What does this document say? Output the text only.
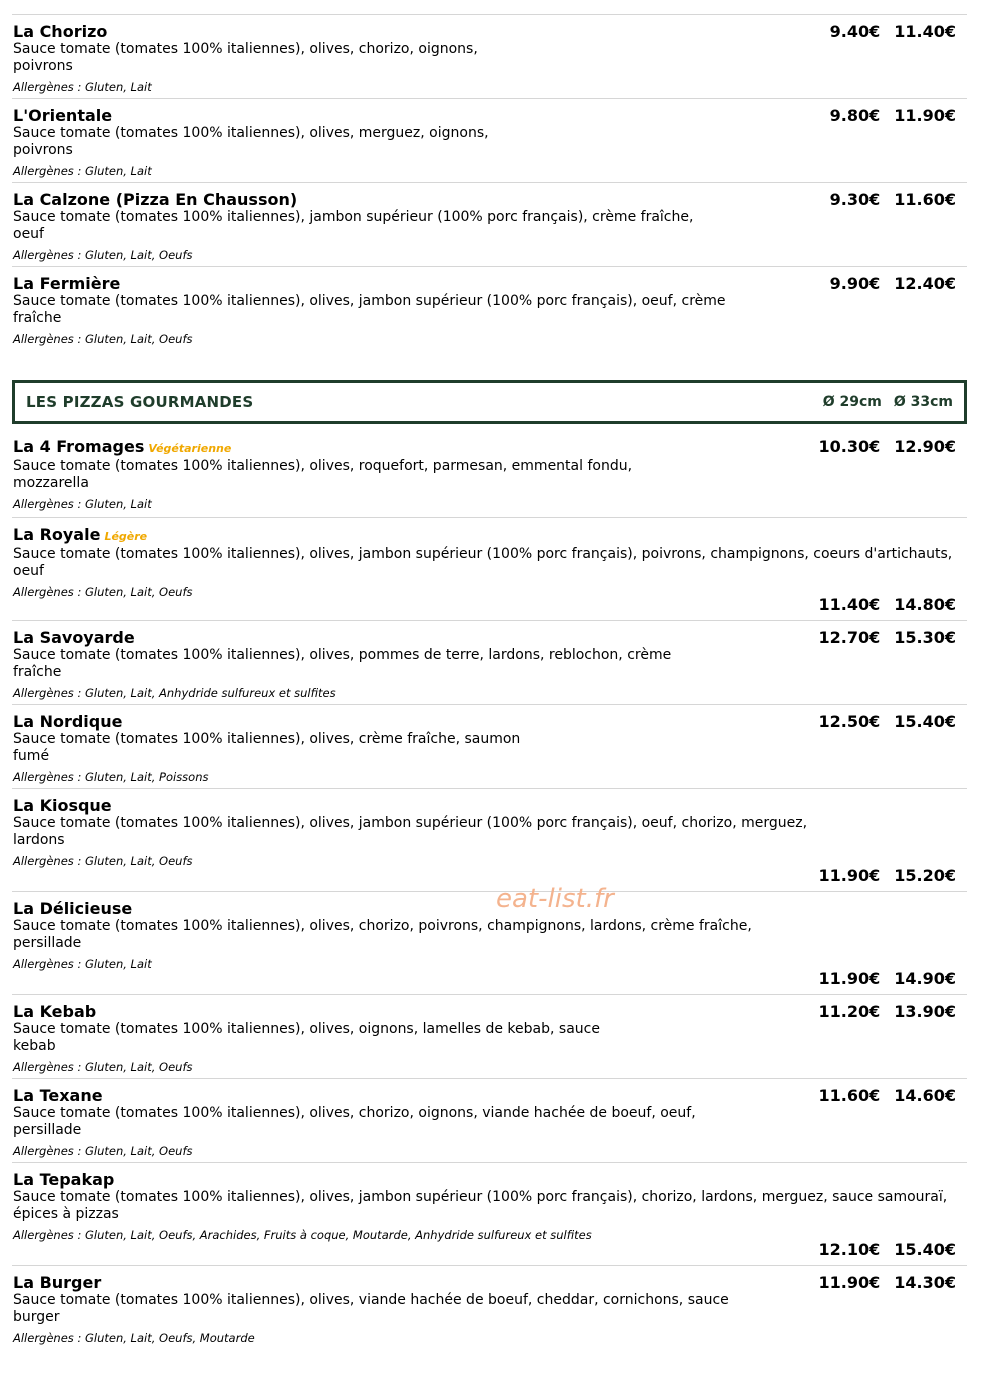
La Chorizo
Sauce tomate (tomates 100% italiennes), olives, chorizo, oignons,
poivrons
Allergènes : Gluten, Lait
9.40€ 11.40€
L'Orientale
Sauce tomate (tomates 100% italiennes), olives, merguez, oignons,
poivrons
Allergènes : Gluten, Lait
9.80€ 11.90€
La Calzone (Pizza En Chausson)
Sauce tomate (tomates 100% italiennes), jambon supérieur (100% porc français), crème fraîche,
oeuf
Allergènes : Gluten, Lait, Oeufs
9.30€ 11.60€
La Fermière
Sauce tomate (tomates 100% italiennes), olives, jambon supérieur (100% porc français), oeuf, crème
fraîche
Allergènes : Gluten, Lait, Oeufs
9.90€ 12.40€
LES PIZZAS GOURMANDES	Ø 29cm Ø 33cm
La 4 Fromages Végétarienne
Sauce tomate (tomates 100% italiennes), olives, roquefort, parmesan, emmental fondu,
mozzarella
Allergènes : Gluten, Lait
10.30€ 12.90€
La Royale Légère
Sauce tomate (tomates 100% italiennes), olives, jambon supérieur (100% porc français), poivrons, champignons, coeurs d'artichauts,
oeuf
Allergènes : Gluten, Lait, Oeufs
11.40€ 14.80€
La Savoyarde
Sauce tomate (tomates 100% italiennes), olives, pommes de terre, lardons, reblochon, crème
fraîche
Allergènes : Gluten, Lait, Anhydride sulfureux et sulfites
12.70€ 15.30€
La Nordique
Sauce tomate (tomates 100% italiennes), olives, crème fraîche, saumon
fumé
Allergènes : Gluten, Lait, Poissons
12.50€ 15.40€
La Kiosque
Sauce tomate (tomates 100% italiennes), olives, jambon supérieur (100% porc français), oeuf, chorizo, merguez,
lardons
Allergènes : Gluten, Lait, Oeufs
11.90€ 15.20€
La Délicieuse
Sauce tomate (tomates 100% italiennes), olives, chorizo, poivrons, champignons, lardons, crème fraîche,
persillade
Allergènes : Gluten, Lait
11.90€ 14.90€
La Kebab
Sauce tomate (tomates 100% italiennes), olives, oignons, lamelles de kebab, sauce
kebab
Allergènes : Gluten, Lait, Oeufs
11.20€ 13.90€
La Texane
Sauce tomate (tomates 100% italiennes), olives, chorizo, oignons, viande hachée de boeuf, oeuf,
persillade
Allergènes : Gluten, Lait, Oeufs
11.60€ 14.60€
La Tepakap
Sauce tomate (tomates 100% italiennes), olives, jambon supérieur (100% porc français), chorizo, lardons, merguez, sauce samouraï,
épices à pizzas
Allergènes : Gluten, Lait, Oeufs, Arachides, Fruits à coque, Moutarde, Anhydride sulfureux et sulfites
12.10€ 15.40€
La Burger
Sauce tomate (tomates 100% italiennes), olives, viande hachée de boeuf, cheddar, cornichons, sauce
burger
Allergènes : Gluten, Lait, Oeufs, Moutarde
11.90€ 14.30€
eat-list.fr
